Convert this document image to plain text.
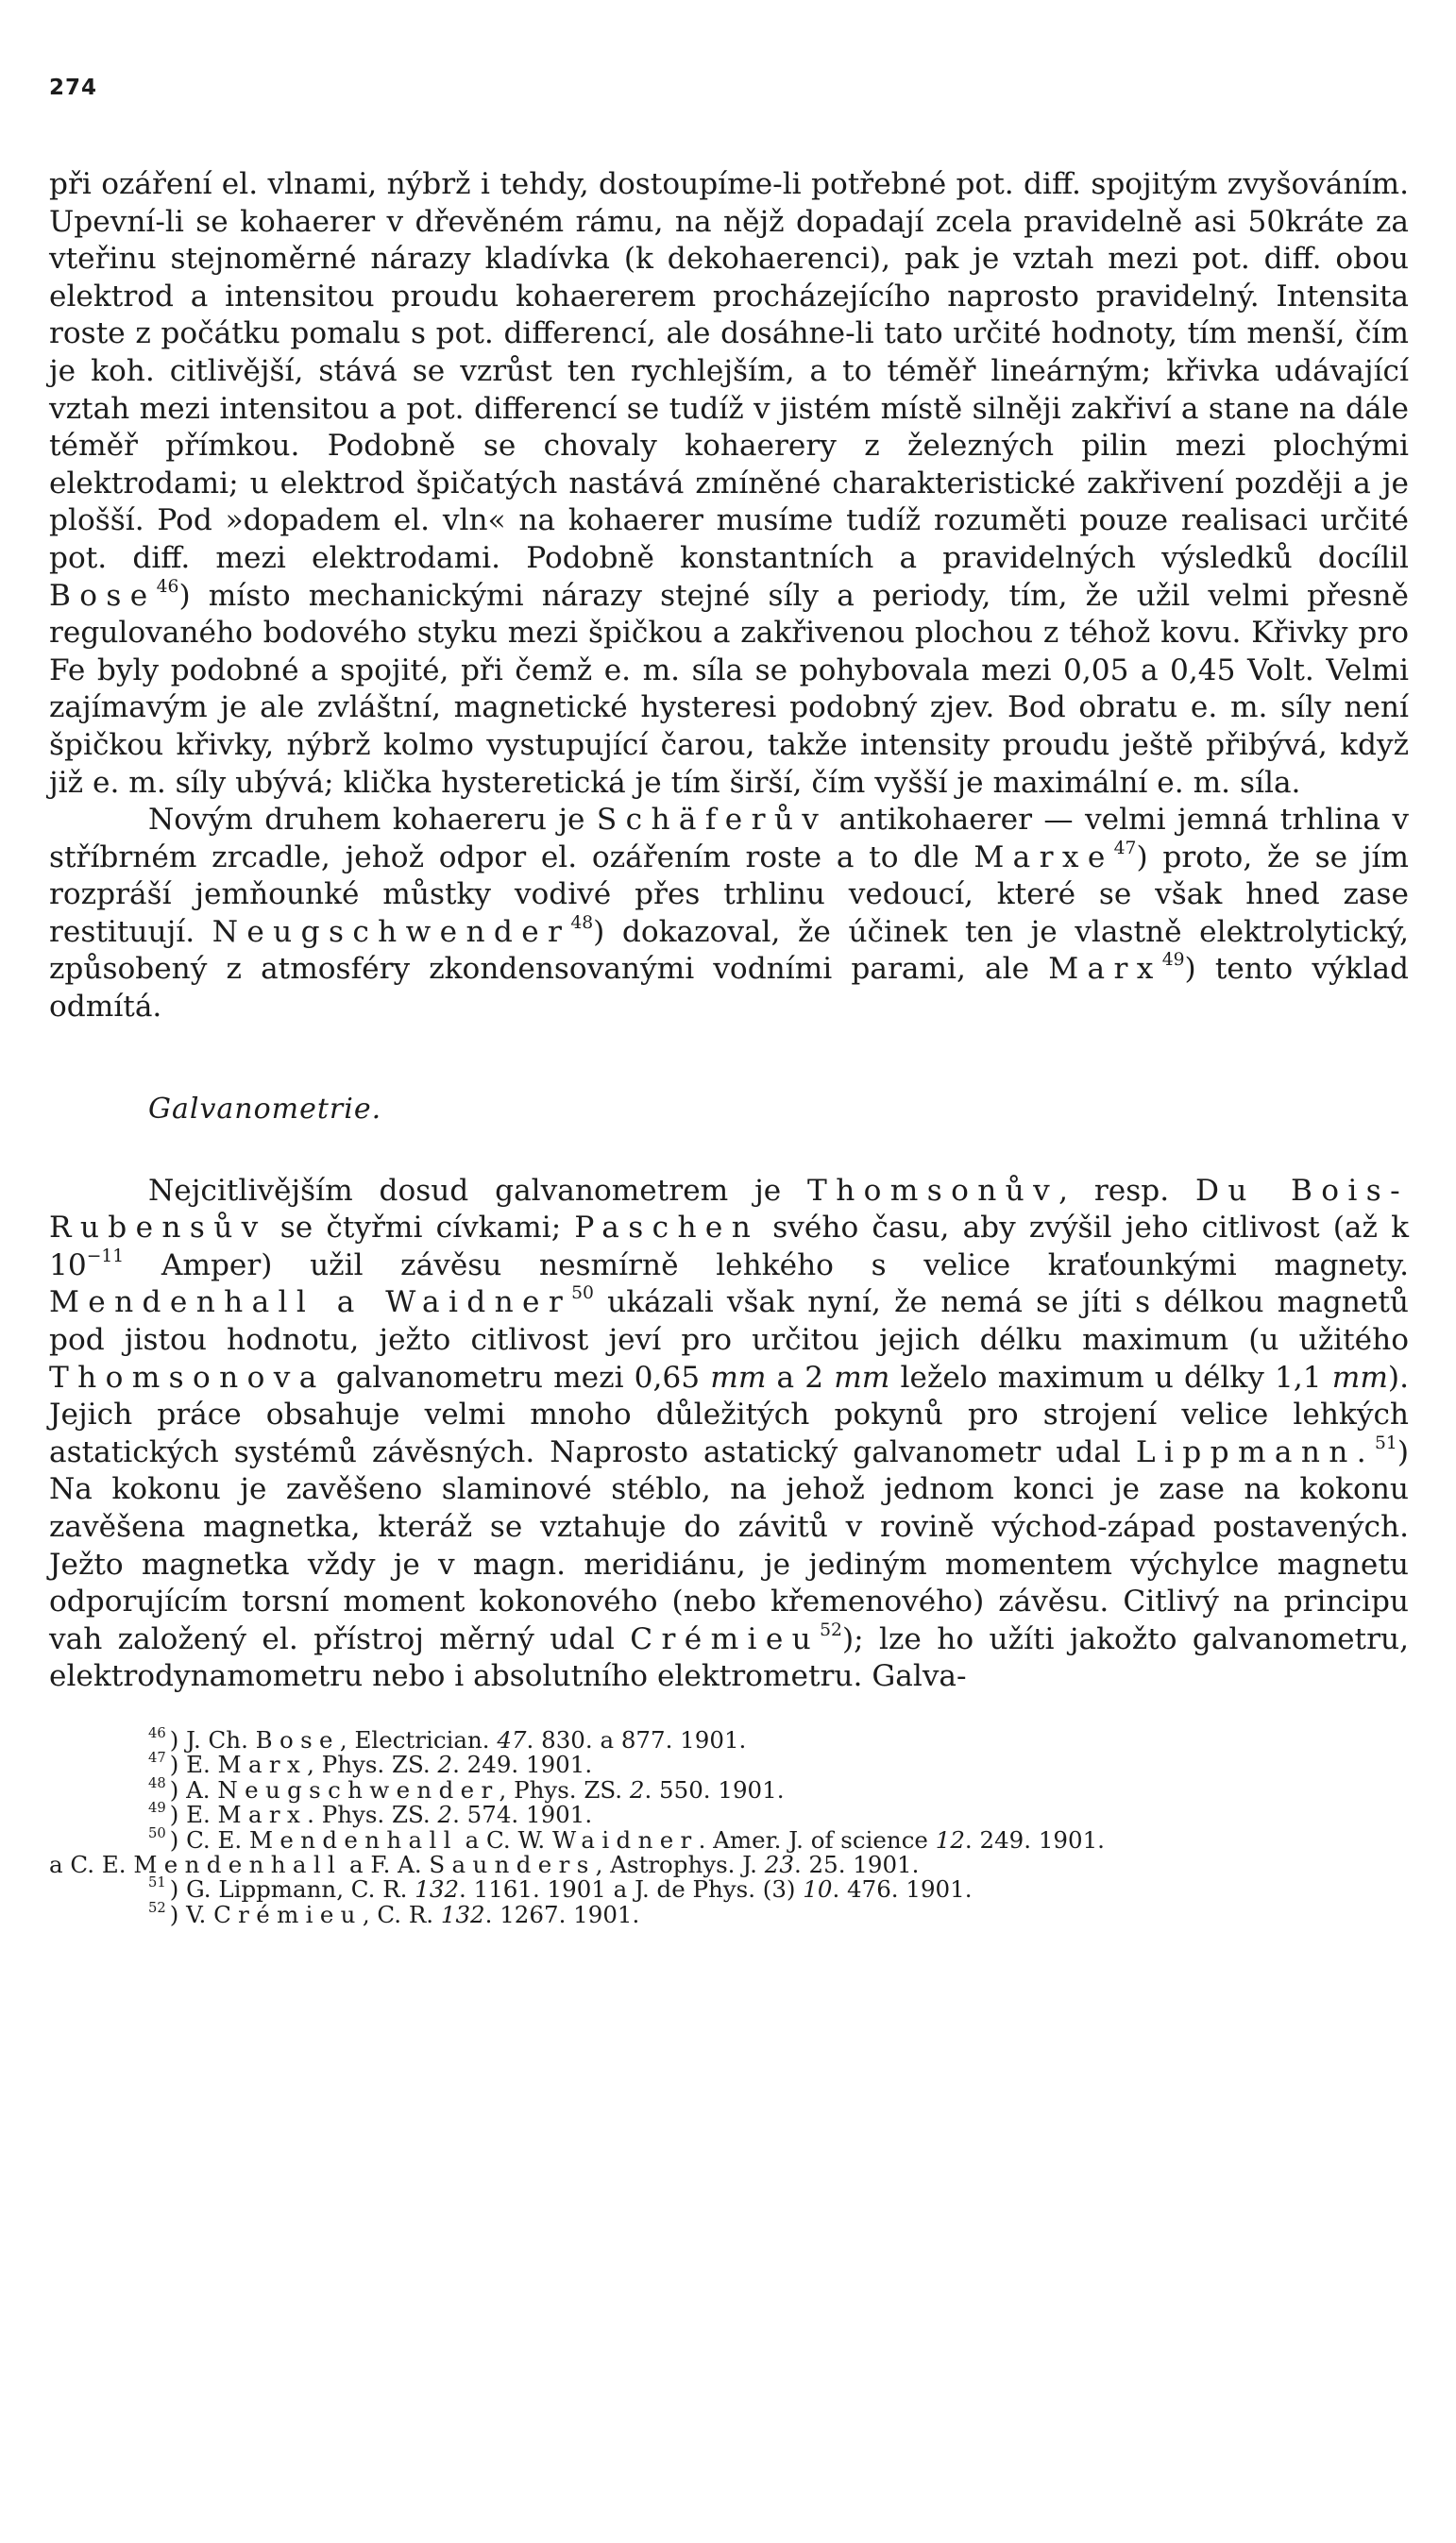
274

při ozáření el. vlnami, nýbrž i tehdy, dostoupíme-li potřebné pot. diff. spojitým zvyšováním. Upevní-li se kohaerer v dřevěném rámu, na nějž dopadají zcela pravidelně asi 50kráte za vteřinu stejnoměrné nárazy kladívka (k dekohaerenci), pak je vztah mezi pot. diff. obou elektrod a intensitou proudu kohaererem procházejícího naprosto pravidelný. Intensita roste z počátku pomalu s pot. differencí, ale dosáhne-li tato určité hodnoty, tím menší, čím je koh. citlivější, stává se vzrůst ten rychlejším, a to téměř lineárným; křivka udávající vztah mezi intensitou a pot. differencí se tudíž v jistém místě silněji zakřiví a stane na dále téměř přímkou. Podobně se chovaly kohaerery z železných pilin mezi plochými elektrodami; u elektrod špičatých nastává zmíněné charakteristické zakřivení později a je plošší. Pod »dopadem el. vln« na kohaerer musíme tudíž rozuměti pouze realisaci určité pot. diff. mezi elektrodami. Podobně konstantních a pravidelných výsledků docílil Bose$^{46}$) místo mechanickými nárazy stejné síly a periody, tím, že užil velmi přesně regulovaného bodového styku mezi špičkou a zakřivenou plochou z téhož kovu. Křivky pro Fe byly podobné a spojité, při čemž e. m. síla se pohybovala mezi 0,05 a 0,45 Volt. Velmi zajímavým je ale zvláštní, magnetické hysteresi podobný zjev. Bod obratu e. m. síly není špičkou křivky, nýbrž kolmo vystupující čarou, takže intensity proudu ještě přibývá, když již e. m. síly ubývá; klička hysteretická je tím širší, čím vyšší je maximální e. m. síla.

Novým druhem kohaereru je Schäferův antikohaerer — velmi jemná trhlina v stříbrném zrcadle, jehož odpor el. ozářením roste a to dle Marxe$^{47}$) proto, že se jím rozpráší jemňounké můstky vodivé přes trhlinu vedoucí, které se však hned zase restituují. Neugschwender$^{48}$) dokazoval, že účinek ten je vlastně elektrolytický, způsobený z atmosféry zkondensovanými vodními parami, ale Marx$^{49}$) tento výklad odmítá.

Galvanometrie.

Nejcitlivějším dosud galvanometrem je Thomsonův, resp. Du Bois-Rubensův se čtyřmi cívkami; Paschen svého času, aby zvýšil jeho citlivost (až k $10^{-11}$ Amper) užil závěsu nesmírně lehkého s velice kraťounkými magnety. Mendenhall a Waidner$^{50}$ ukázali však nyní, že nemá se jíti s délkou magnetů pod jistou hodnotu, ježto citlivost jeví pro určitou jejich délku maximum (u užitého Thomsonova galvanometru mezi 0,65 mm a 2 mm leželo maximum u délky 1,1 mm). Jejich práce obsahuje velmi mnoho důležitých pokynů pro strojení velice lehkých astatických systémů závěsných. Naprosto astatický galvanometr udal Lippmann.$^{51}$) Na kokonu je zavěšeno slaminové stéblo, na jehož jednom konci je zase na kokonu zavěšena magnetka, kteráž se vztahuje do závitů v rovině východ-západ postavených. Ježto magnetka vždy je v magn. meridiánu, je jediným momentem výchylce magnetu odporujícím torsní moment kokonového (nebo křemenového) závěsu. Citlivý na principu vah založený el. přístroj měrný udal Crémieu$^{52}$); lze ho užíti jakožto galvanometru, elektrodynamometru nebo i absolutního elektrometru. Galva-

$^{46}$ ) J. Ch. Bose, Electrician. 47. 830. a 877. 1901.

$^{47}$ ) E. Marx, Phys. ZS. 2. 249. 1901.

$^{48}$ ) A. Neugschwender, Phys. ZS. 2. 550. 1901.

$^{49}$ ) E. Marx. Phys. ZS. 2. 574. 1901.

$^{50}$ ) C. E. Mendenhall a C. W. Waidner. Amer. J. of science 12. 249. 1901.

a C. E. Mendenhall a F. A. Saunders, Astrophys. J. 23. 25. 1901.

$^{51}$ ) G. Lippmann, C. R. 132. 1161. 1901 a J. de Phys. (3) 10. 476. 1901.

$^{52}$ ) V. Crémieu, C. R. 132. 1267. 1901.
